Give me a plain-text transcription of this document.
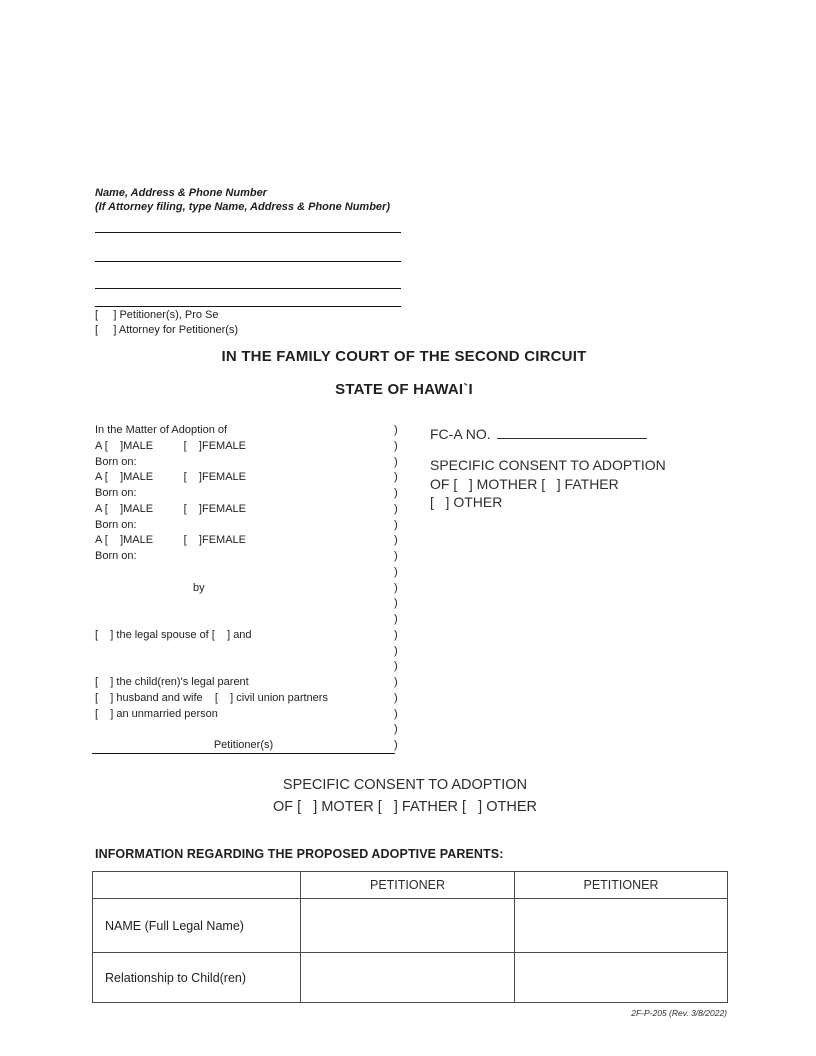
Name, Address & Phone Number
(If Attorney filing, type Name, Address & Phone Number)
[     ] Petitioner(s), Pro Se
[     ] Attorney for Petitioner(s)
IN THE FAMILY COURT OF THE SECOND CIRCUIT
STATE OF HAWAI`I
In the Matter of Adoption of
A [    ]MALE          [    ]FEMALE
Born on:
A [    ]MALE          [    ]FEMALE
Born on:
A [    ]MALE          [    ]FEMALE
Born on:
A [    ]MALE          [    ]FEMALE
Born on:
by
[    ] the legal spouse of [    ] and
[    ] the child(ren)'s legal parent
[    ] husband and wife    [    ] civil union partners
[    ] an unmarried person
Petitioner(s)
)
)
)
)
)
)
)
)
)
)
)
)
)
)
)
)
)
)
)
)
)
FC-A NO.
SPECIFIC CONSENT TO ADOPTION
OF [   ] MOTHER [   ] FATHER
[   ] OTHER
SPECIFIC CONSENT TO ADOPTION
OF [   ] MOTER [   ] FATHER [   ] OTHER
INFORMATION REGARDING THE PROPOSED ADOPTIVE PARENTS:
	PETITIONER	PETITIONER
NAME (Full Legal Name)		
Relationship to Child(ren)		
2F-P-205 (Rev. 3/8/2022)
